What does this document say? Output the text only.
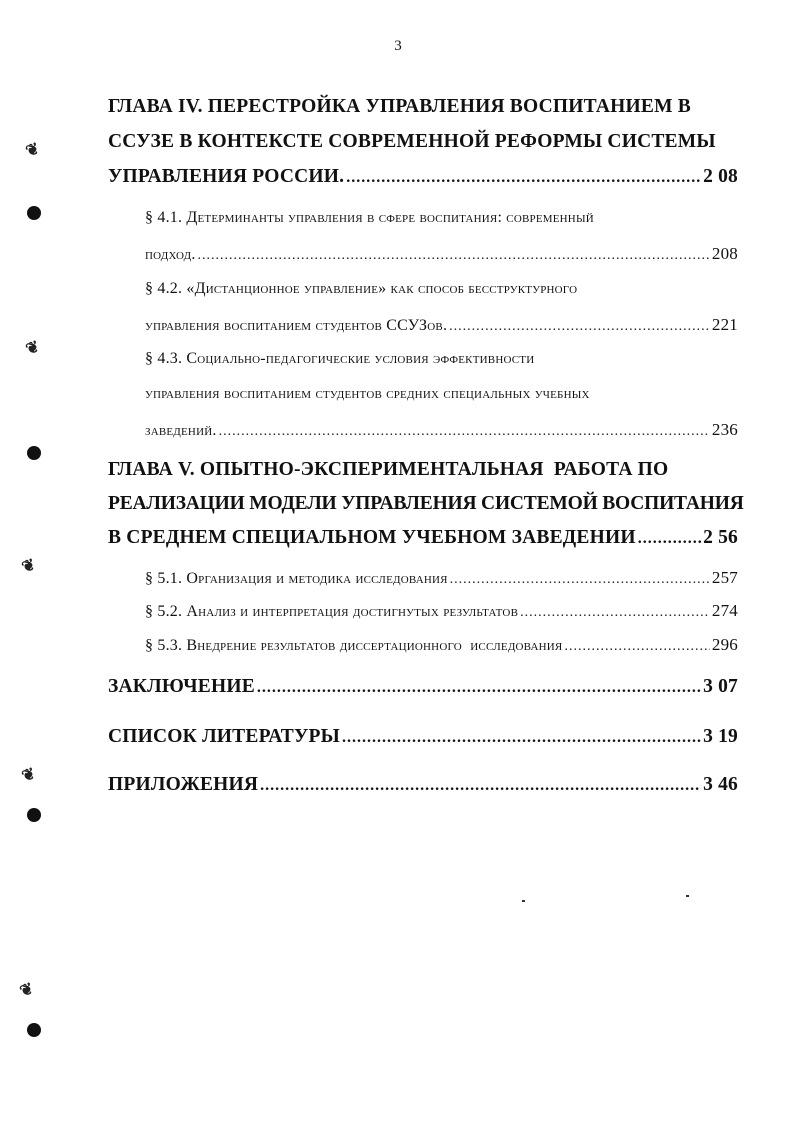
3
❦
❦
❦
❦
❦
ГЛАВА IV. ПЕРЕСТРОЙКА УПРАВЛЕНИЯ ВОСПИТАНИЕМ В
ССУЗЕ В КОНТЕКСТЕ СОВРЕМЕННОЙ РЕФОРМЫ СИСТЕМЫ
УПРАВЛЕНИЯ РОССИИ. .....	2 08
§ 4.1. Детерминанты управления в сфере воспитания: современный
подход. .....	208
§ 4.2. «Дистанционное управление» как способ бесструктурного
управления воспитанием студентов ССУЗов. .....	221
§ 4.3. Социально-педагогические условия эффективности
управления воспитанием студентов средних специальных учебных
заведений. .....	236
ГЛАВА V. ОПЫТНО-ЭКСПЕРИМЕНТАЛЬНАЯ  РАБОТА ПО
РЕАЛИЗАЦИИ МОДЕЛИ УПРАВЛЕНИЯ СИСТЕМОЙ ВОСПИТАНИЯ
В СРЕДНЕМ СПЕЦИАЛЬНОМ УЧЕБНОМ ЗАВЕДЕНИИ .....	2 56
§ 5.1. Организация и методика исследования .....	257
§ 5.2. Анализ и интерпретация достигнутых результатов .....	274
§ 5.3. Внедрение результатов диссертационного  исследования .....	296
ЗАКЛЮЧЕНИЕ .....	3 07
СПИСОК ЛИТЕРАТУРЫ .....	3 19
ПРИЛОЖЕНИЯ .....	3 46
